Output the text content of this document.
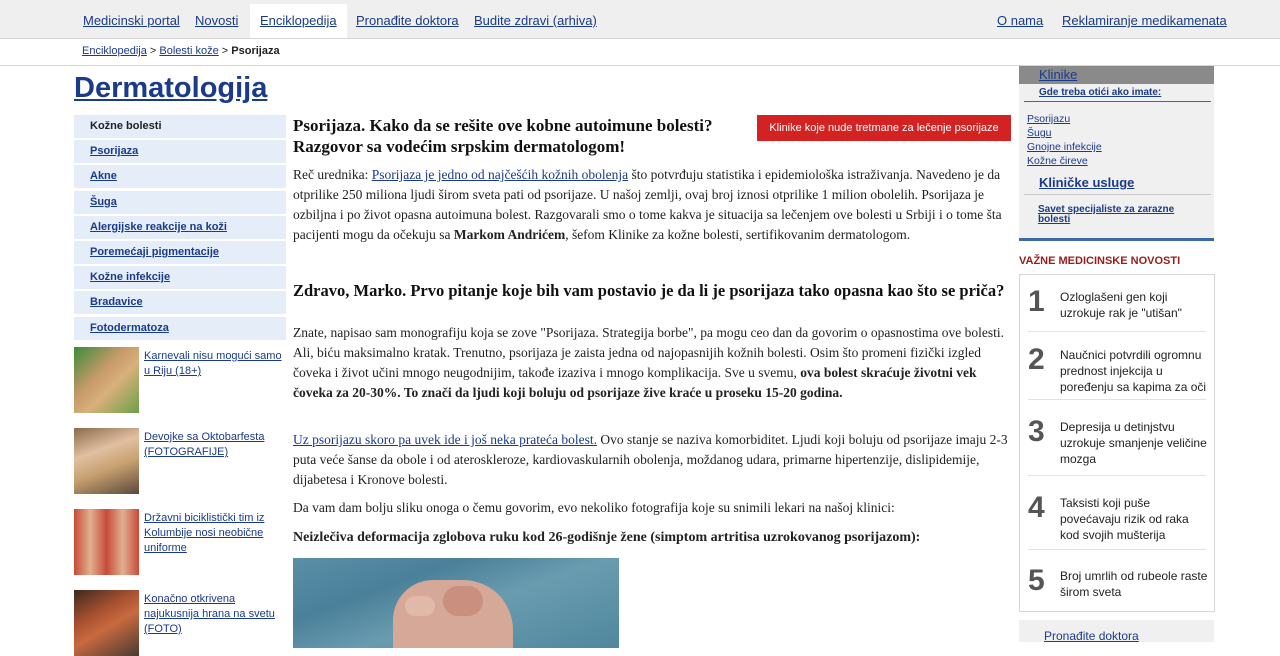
Medicinski portal	Novosti	Enciklopedija	Pronađite doktora	Budite zdravi (arhiva)	O nama	Reklamiranje medikamenata
Enciklopedija > Bolesti kože > Psorijaza
Dermatologija
Kožne bolesti
Psorijaza
Akne
Šuga
Alergijske reakcije na koži
Poremećaji pigmentacije
Kožne infekcije
Bradavice
Fotodermatoza
Karnevali nisu mogući samo u Riju (18+)
Devojke sa Oktobarfesta (FOTOGRAFIJE)
Državni biciklistički tim iz Kolumbije nosi neobične uniforme
Konačno otkrivena najukusnija hrana na svetu (FOTO)
Psorijaza. Kako da se rešite ove kobne autoimune bolesti? Razgovor sa vodećim srpskim dermatologom!
Klinike koje nude tretmane za lečenje psorijaze
Reč urednika: Psorijaza je jedno od najčešćih kožnih obolenja što potvrđuju statistika i epidemiološka istraživanja. Navedeno je da otprilike 250 miliona ljudi širom sveta pati od psorijaze. U našoj zemlji, ovaj broj iznosi otprilike 1 milion obolelih. Psorijaza je ozbiljna i po život opasna autoimuna bolest. Razgovarali smo o tome kakva je situacija sa lečenjem ove bolesti u Srbiji i o tome šta pacijenti mogu da očekuju sa Markom Andrićem, šefom Klinike za kožne bolesti, sertifikovanim dermatologom.
Zdravo, Marko. Prvo pitanje koje bih vam postavio je da li je psorijaza tako opasna kao što se priča?
Znate, napisao sam monografiju koja se zove "Psorijaza. Strategija borbe", pa mogu ceo dan da govorim o opasnostima ove bolesti. Ali, biću maksimalno kratak. Trenutno, psorijaza je zaista jedna od najopasnijih kožnih bolesti. Osim što promeni fizički izgled čoveka i život učini mnogo neugodnijim, takođe izaziva i mnogo komplikacija. Sve u svemu, ova bolest skraćuje životni vek čoveka za 20-30%. To znači da ljudi koji boluju od psorijaze žive kraće u proseku 15-20 godina.
Uz psorijazu skoro pa uvek ide i još neka prateća bolest. Ovo stanje se naziva komorbiditet. Ljudi koji boluju od psorijaze imaju 2-3 puta veće šanse da obole i od ateroskleroze, kardiovaskularnih obolenja, moždanog udara, primarne hipertenzije, dislipidemije, dijabetesa i Kronove bolesti.
Da vam dam bolju sliku onoga o čemu govorim, evo nekoliko fotografija koje su snimili lekari na našoj klinici:
Neizlečiva deformacija zglobova ruku kod 26-godišnje žene (simptom artritisa uzrokovanog psorijazom):
Klinike
Gde treba otići ako imate:
Psorijazu
Šugu
Gnojne infekcije
Kožne čireve
Kliničke usluge
Savet specijaliste za zarazne bolesti
VAŽNE MEDICINSKE NOVOSTI
1 Ozloglašeni gen koji uzrokuje rak je "utišan"
2 Naučnici potvrdili ogromnu prednost injekcija u poređenju sa kapima za oči
3 Depresija u detinjstvu uzrokuje smanjenje veličine mozga
4 Taksisti koji puše povećavaju rizik od raka kod svojih mušterija
5 Broj umrlih od rubeole raste širom sveta
Pronađite doktora
